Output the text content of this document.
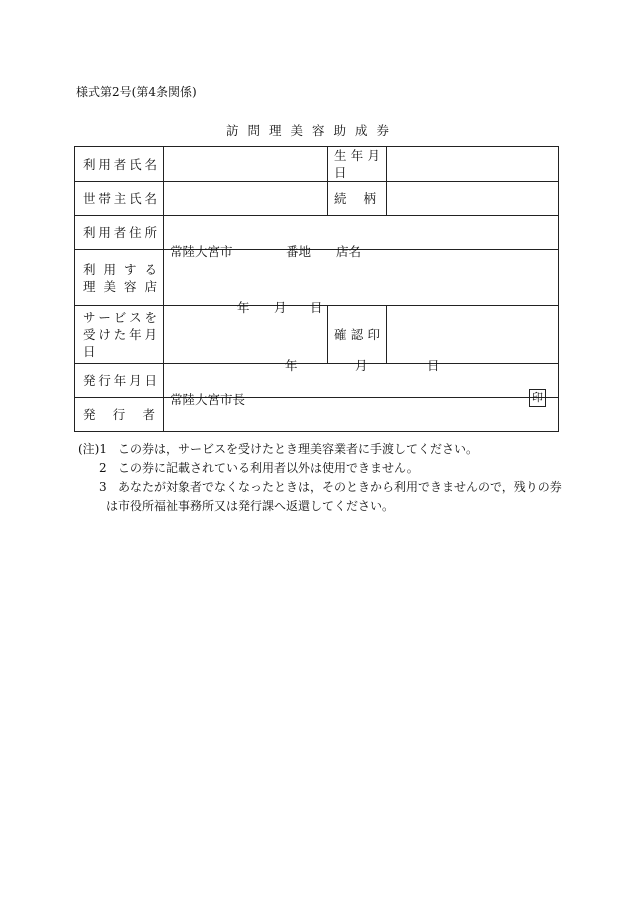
様式第2号(第4条関係)
訪問理美容助成券
利用者氏名		生年月日	
世帯主氏名		続　柄	
利用者住所			

利用する
理美容店	常陸大宮市 番地 店名		

サービスを
受けた年月日	年 月 日	確認印	
発行年月日	年 月 日		

発行者	常陸大宮市長 印		
(注)1 この券は，サービスを受けたとき理美容業者に手渡してください。
2 この券に記載されている利用者以外は使用できません。
3 あなたが対象者でなくなったときは，そのときから利用できませんので，残りの券
は市役所福祉事務所又は発行課へ返還してください。
